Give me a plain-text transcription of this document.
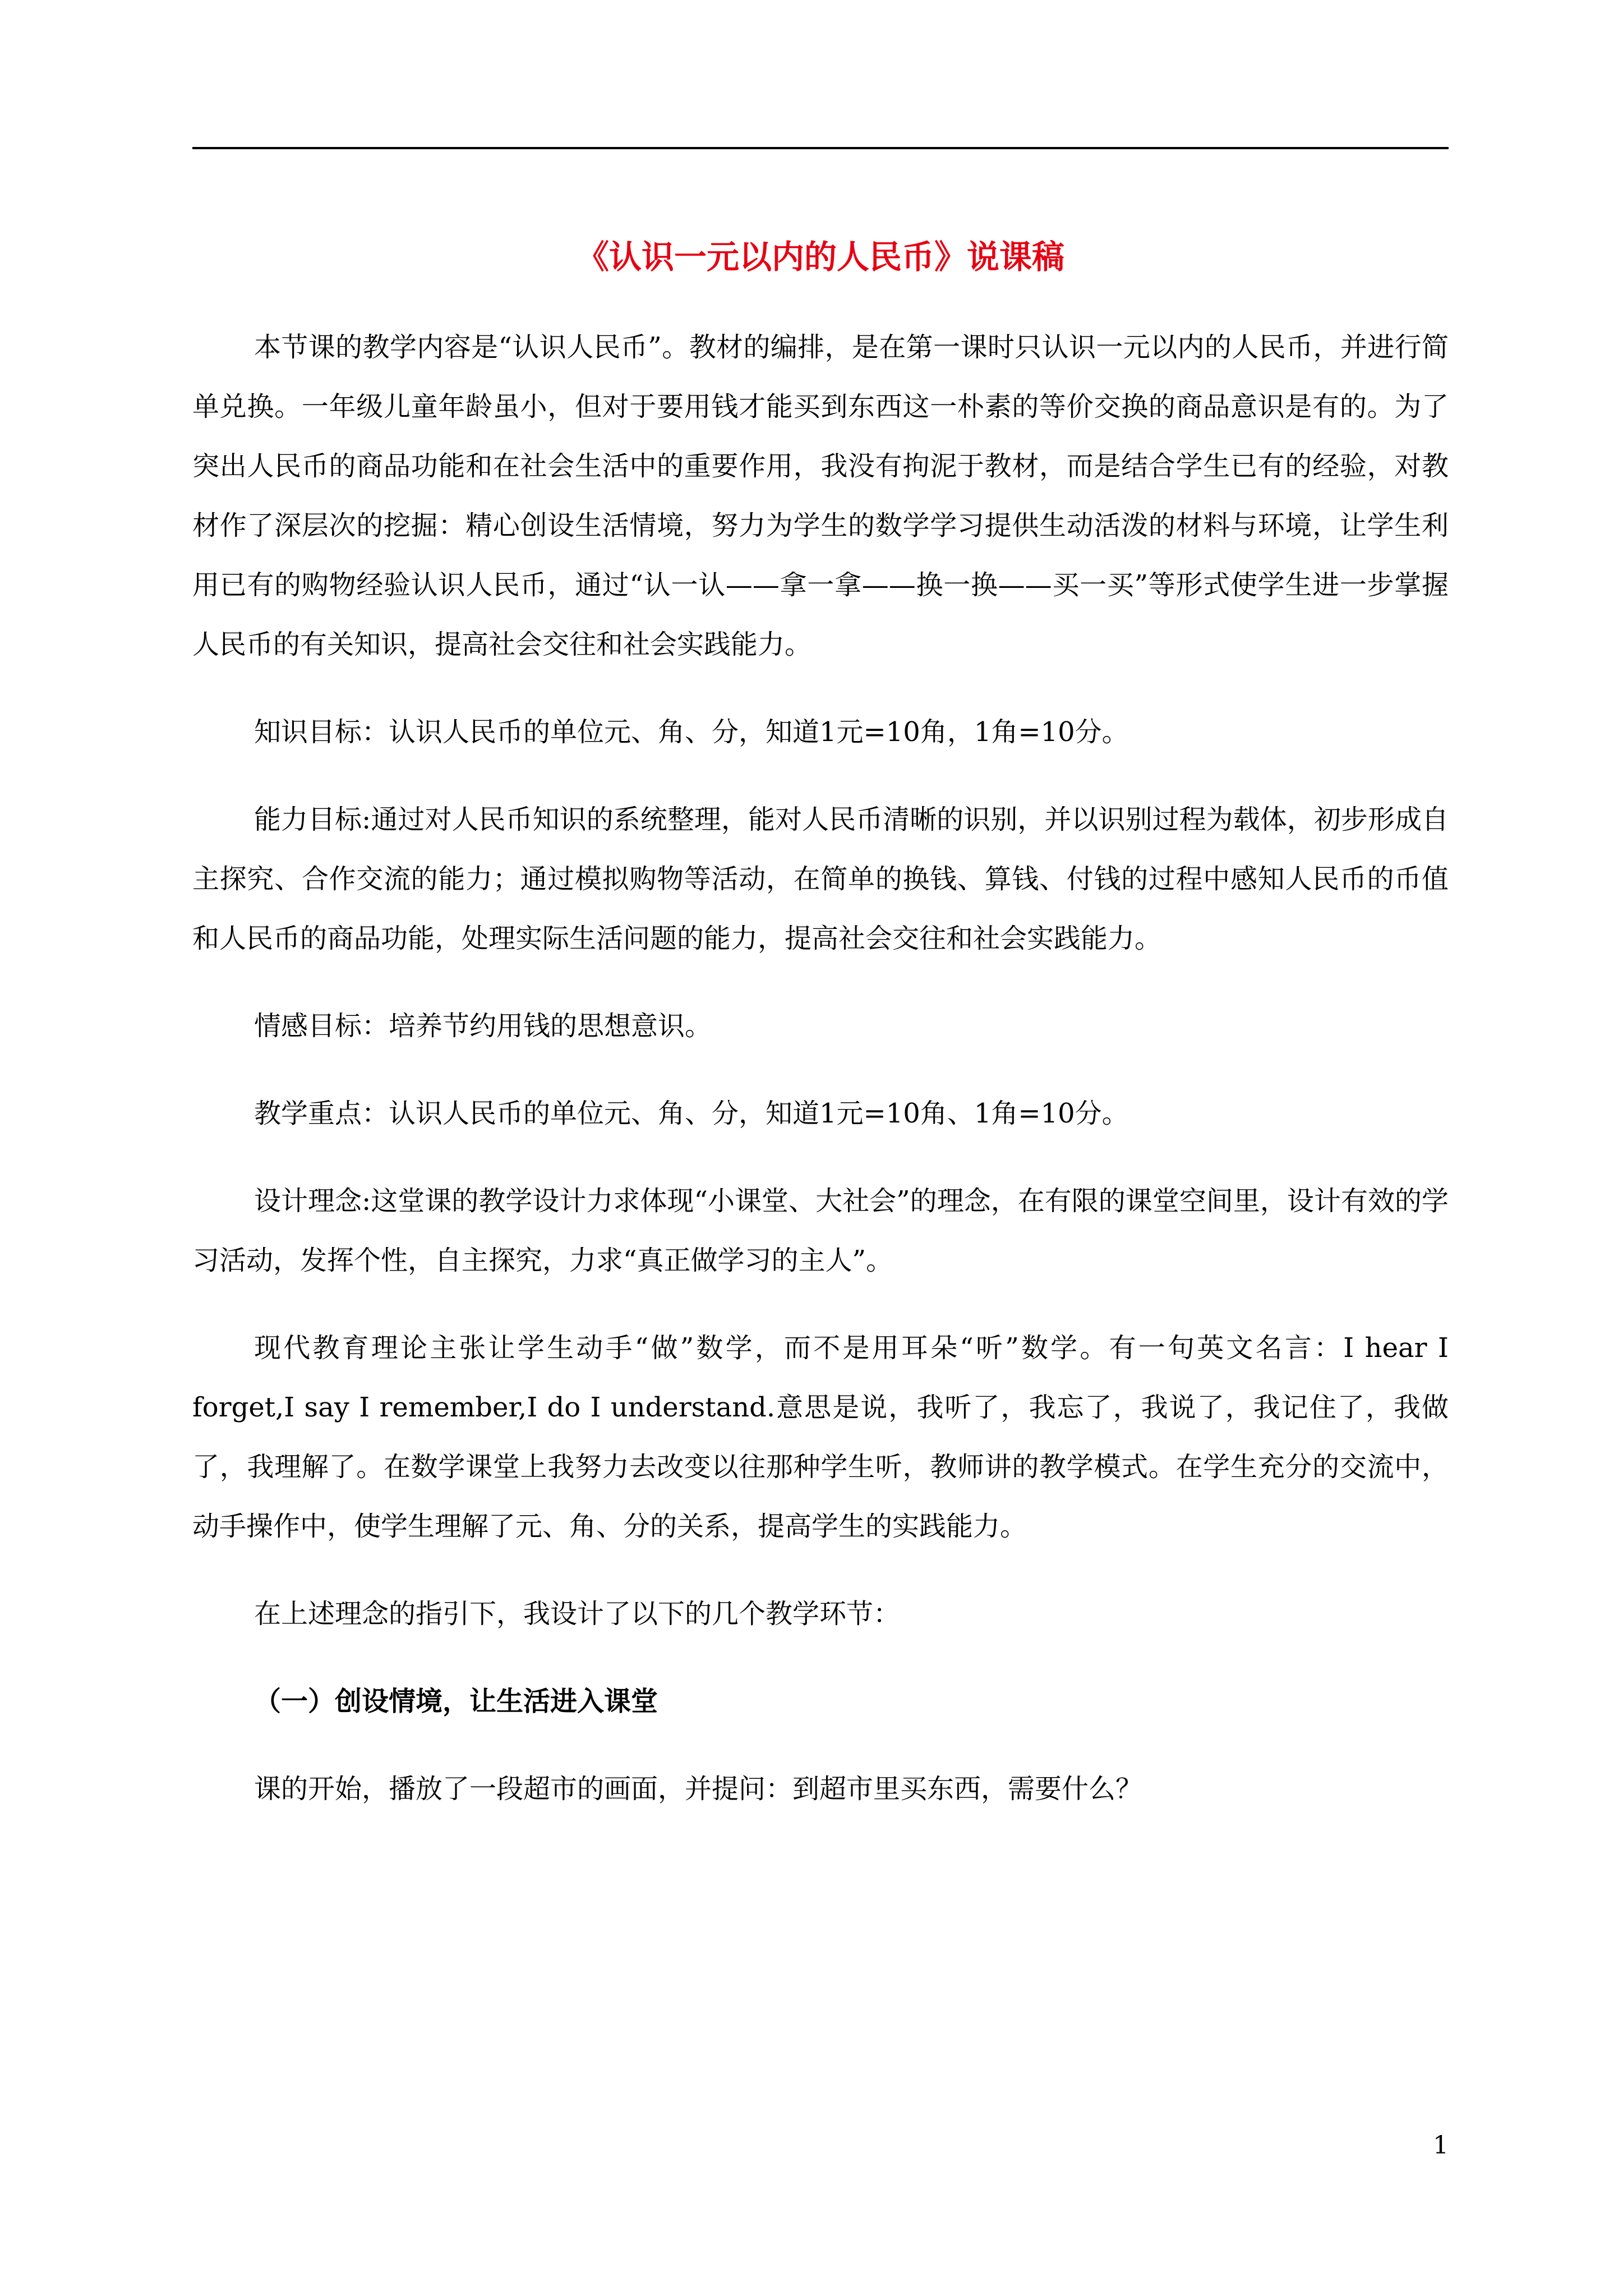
《认识一元以内的人民币》说课稿

本节课的教学内容是“认识人民币”。教材的编排，是在第一课时只认识一元以内的人民币，并进行简单兑换。一年级儿童年龄虽小，但对于要用钱才能买到东西这一朴素的等价交换的商品意识是有的。为了突出人民币的商品功能和在社会生活中的重要作用，我没有拘泥于教材，而是结合学生已有的经验，对教材作了深层次的挖掘：精心创设生活情境，努力为学生的数学学习提供生动活泼的材料与环境，让学生利用已有的购物经验认识人民币，通过“认一认——拿一拿——换一换——买一买”等形式使学生进一步掌握人民币的有关知识，提高社会交往和社会实践能力。

知识目标：认识人民币的单位元、角、分，知道1元=10角，1角=10分。

能力目标:通过对人民币知识的系统整理，能对人民币清晰的识别，并以识别过程为载体，初步形成自主探究、合作交流的能力；通过模拟购物等活动，在简单的换钱、算钱、付钱的过程中感知人民币的币值和人民币的商品功能，处理实际生活问题的能力，提高社会交往和社会实践能力。

情感目标：培养节约用钱的思想意识。

教学重点：认识人民币的单位元、角、分，知道1元=10角、1角=10分。

设计理念:这堂课的教学设计力求体现“小课堂、大社会”的理念，在有限的课堂空间里，设计有效的学习活动，发挥个性，自主探究，力求“真正做学习的主人”。

现代教育理论主张让学生动手“做”数学，而不是用耳朵“听”数学。有一句英文名言：I hear I forget,I say I remember,I do I understand.意思是说，我听了，我忘了，我说了，我记住了，我做了，我理解了。在数学课堂上我努力去改变以往那种学生听，教师讲的教学模式。在学生充分的交流中，动手操作中，使学生理解了元、角、分的关系，提高学生的实践能力。

在上述理念的指引下，我设计了以下的几个教学环节：

（一）创设情境，让生活进入课堂

课的开始，播放了一段超市的画面，并提问：到超市里买东西，需要什么？

1
